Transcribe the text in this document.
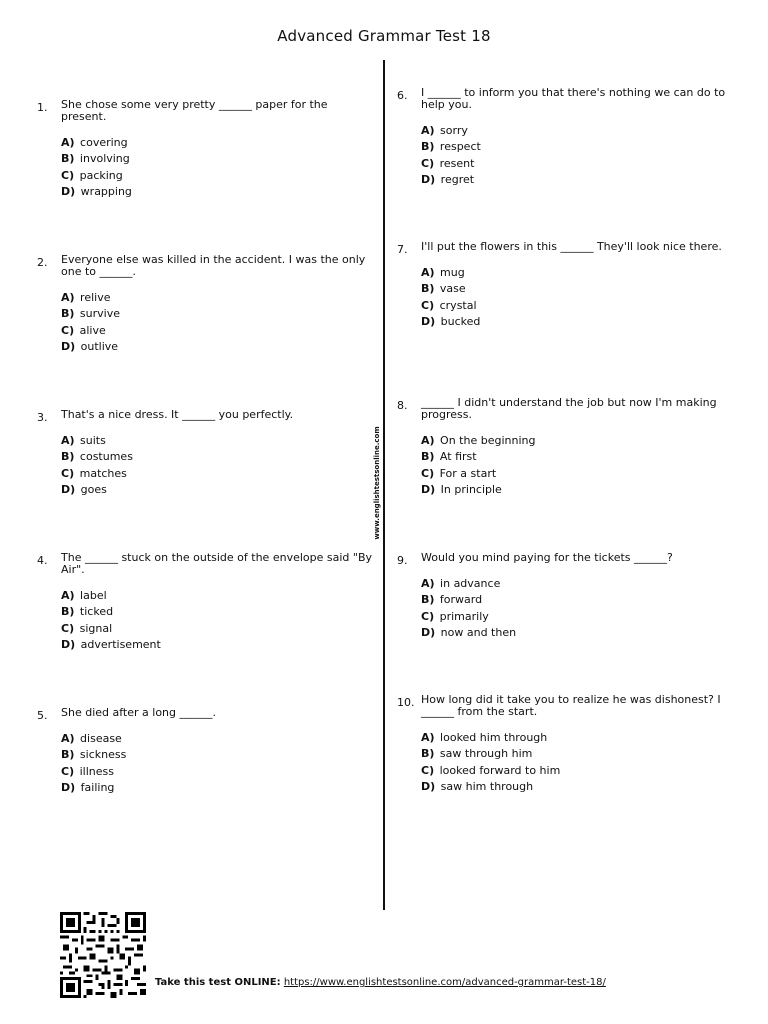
Advanced Grammar Test 18
www.englishtestsonline.com
1. She chose some very pretty ______ paper for the present.
A) covering
B) involving
C) packing
D) wrapping
2. Everyone else was killed in the accident. I was the only one to ______.
A) relive
B) survive
C) alive
D) outlive
3. That's a nice dress. It ______ you perfectly.
A) suits
B) costumes
C) matches
D) goes
4. The ______ stuck on the outside of the envelope said "By Air".
A) label
B) ticked
C) signal
D) advertisement
5. She died after a long ______.
A) disease
B) sickness
C) illness
D) failing
6. I ______ to inform you that there's nothing we can do to help you.
A) sorry
B) respect
C) resent
D) regret
7. I'll put the flowers in this ______ They'll look nice there.
A) mug
B) vase
C) crystal
D) bucked
8. ______ I didn't understand the job but now I'm making progress.
A) On the beginning
B) At first
C) For a start
D) In principle
9. Would you mind paying for the tickets ______?
A) in advance
B) forward
C) primarily
D) now and then
10. How long did it take you to realize he was dishonest? I ______ from the start.
A) looked him through
B) saw through him
C) looked forward to him
D) saw him through
Take this test ONLINE: https://www.englishtestsonline.com/advanced-grammar-test-18/
